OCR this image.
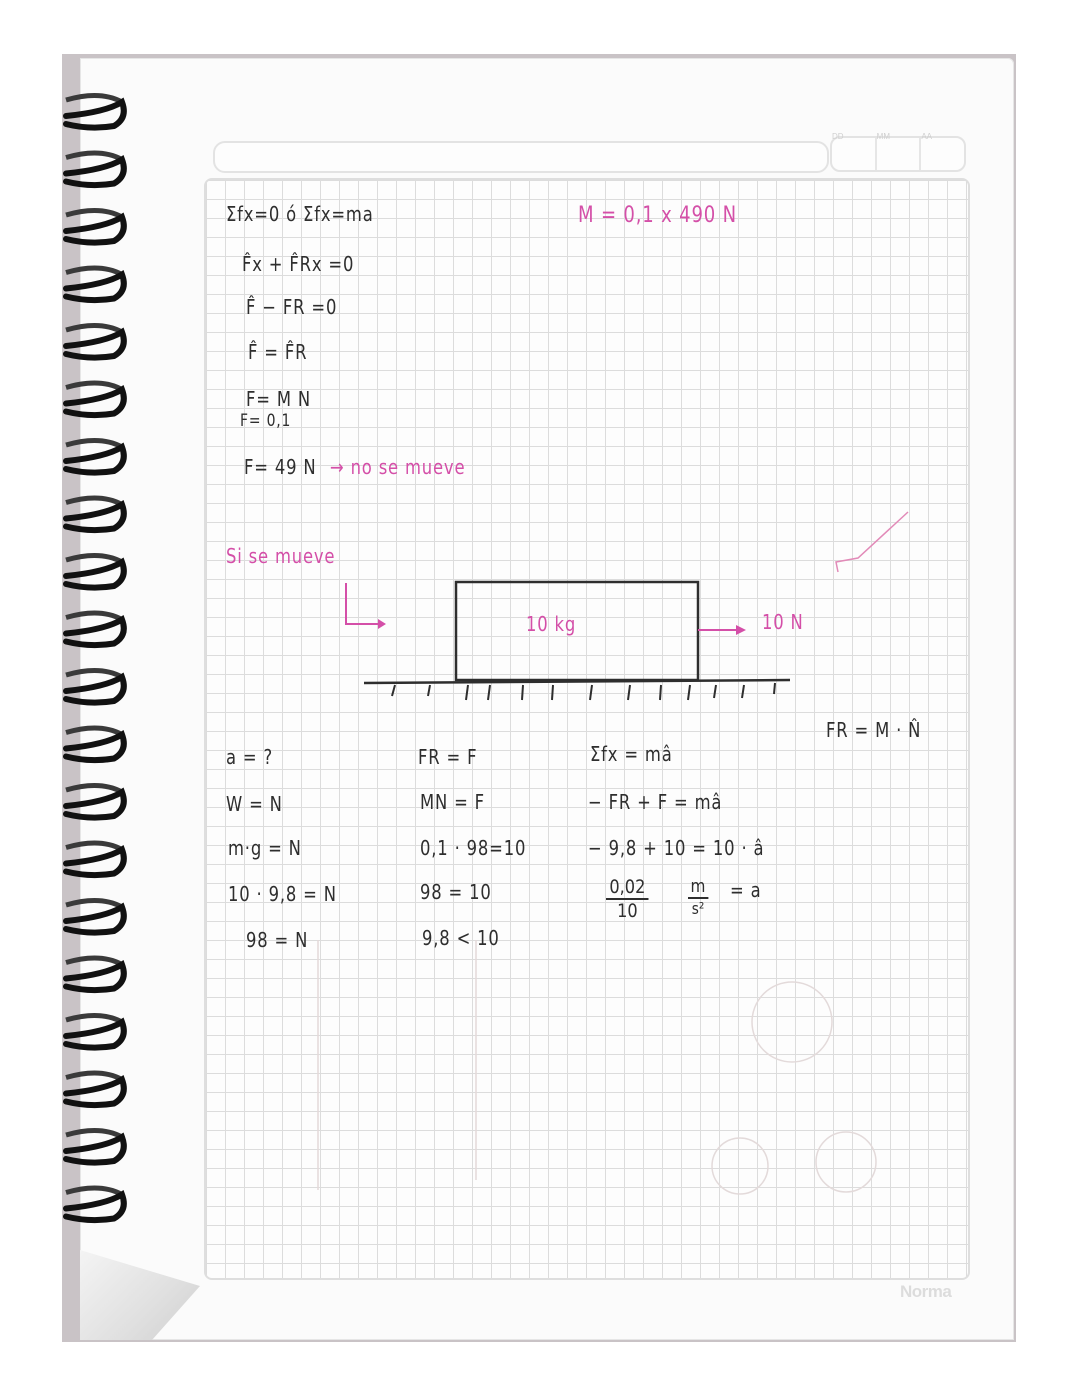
$^{DD}$	$^{MM}$	$^{AA}$
Norma
Σfx=0 ó Σfx=ma
F̂x + F̂Rx =0
F̂ − FR =0
F̂ = F̂R
F= M N
F= 0,1
F= 49 N → no se mueve
M = 0,1 x 490 N
Si se mueve
10 kg	10 N
FR = M · N̂
a = ?
W = N
m·g = N
10 · 9,8 = N
98 = N
FR = F
MN = F
0,1 · 98=10
98 = 10
9,8 < 10
Σfx = mâ
− FR + F = mâ
− 9,8 + 10 = 10 · â
$\frac{0,02}{10} \frac{m}{\text{s²}} = a$
